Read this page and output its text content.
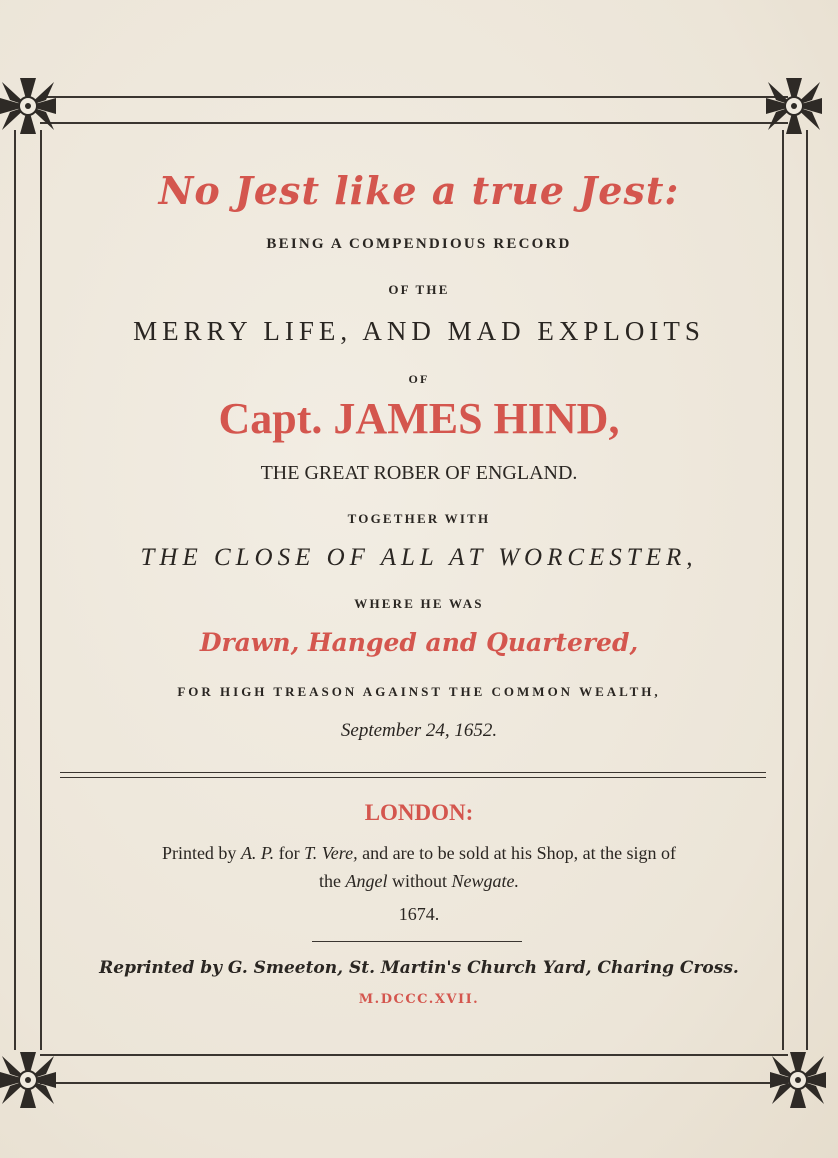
No Jest like a true Jest:
BEING A COMPENDIOUS RECORD
OF THE
MERRY LIFE, AND MAD EXPLOITS
OF
Capt. JAMES HIND,
THE GREAT ROBER OF ENGLAND.
TOGETHER WITH
THE CLOSE OF ALL AT WORCESTER,
WHERE HE WAS
Drawn, Hanged and Quartered,
FOR HIGH TREASON AGAINST THE COMMON WEALTH,
September 24, 1652.
LONDON:
Printed by A. P. for T. Vere, and are to be sold at his Shop, at the sign of
the Angel without Newgate.
1674.
Reprinted by G. Smeeton, St. Martin's Church Yard, Charing Cross.
M.DCCC.XVII.
